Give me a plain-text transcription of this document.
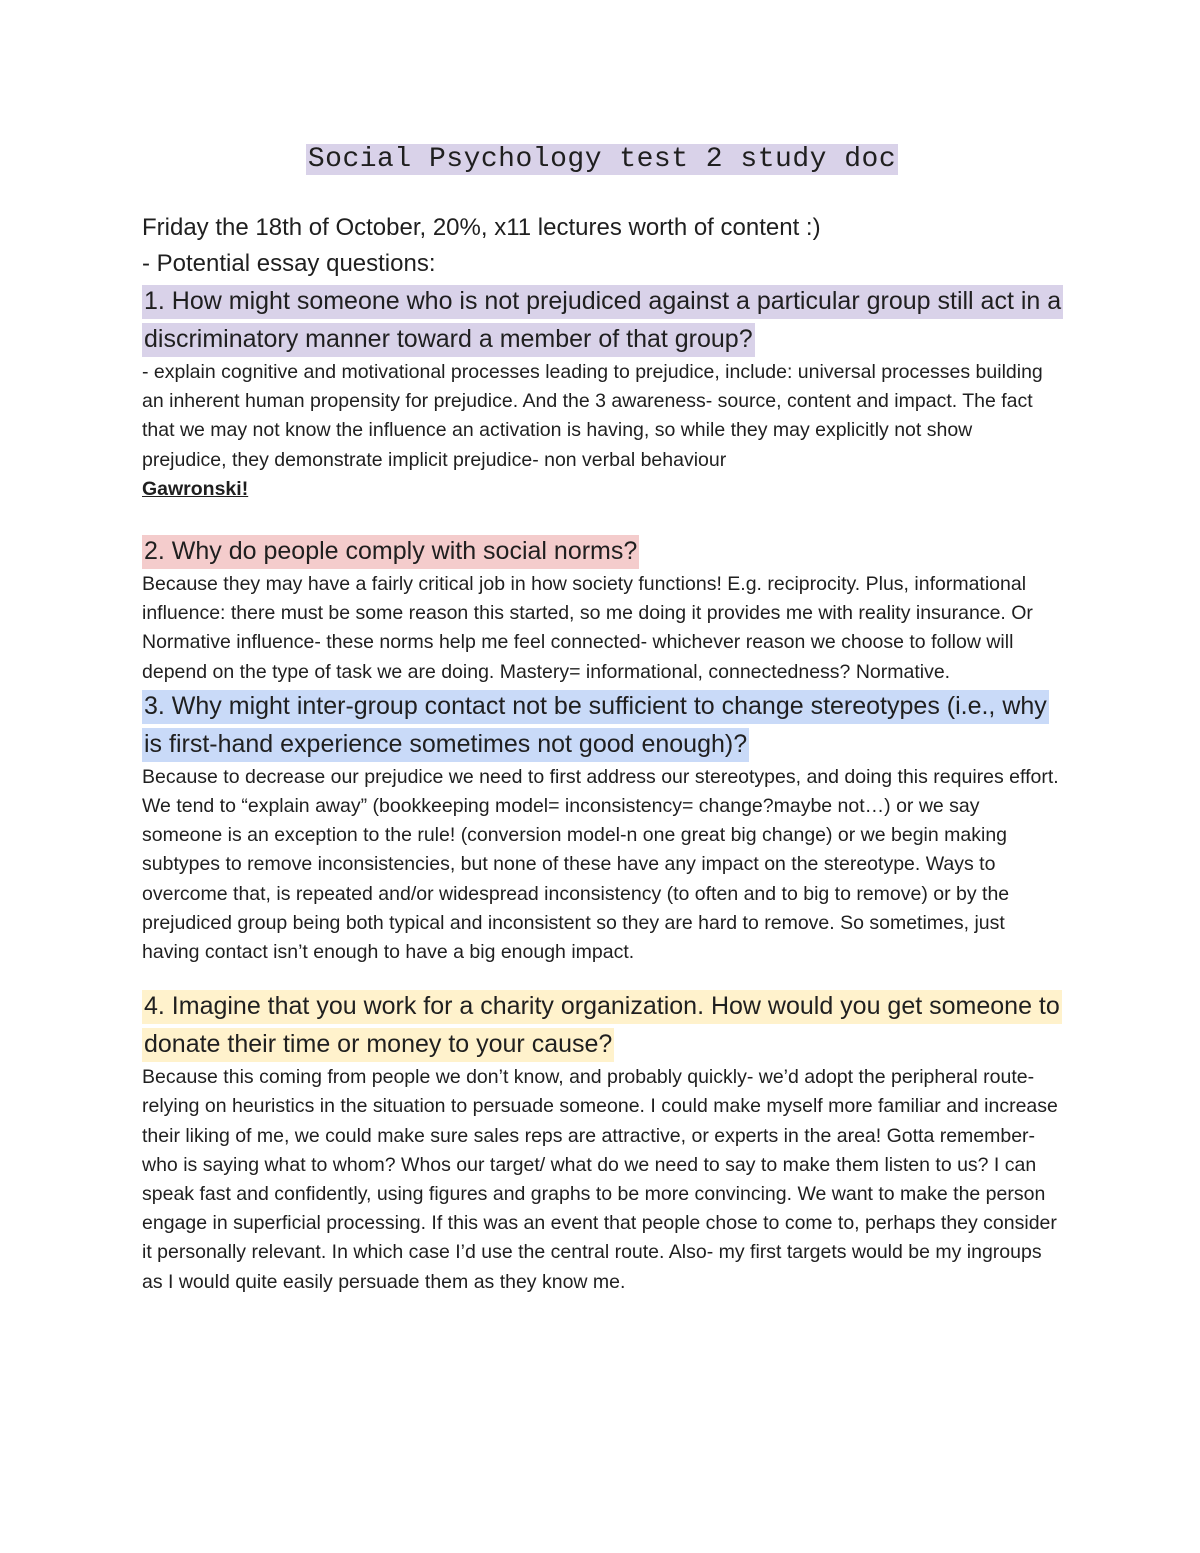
Social Psychology test 2 study doc

Friday the 18th of October, 20%, x11 lectures worth of content :)

- Potential essay questions:

1. How might someone who is not prejudiced against a particular group still act in a discriminatory manner toward a member of that group?

- explain cognitive and motivational processes leading to prejudice, include: universal processes building an inherent human propensity for prejudice. And the 3 awareness- source, content and impact. The fact that we may not know the influence an activation is having, so while they may explicitly not show prejudice, they demonstrate implicit prejudice- non verbal behaviour

Gawronski!

2. Why do people comply with social norms?

Because they may have a fairly critical job in how society functions! E.g. reciprocity. Plus, informational influence: there must be some reason this started, so me doing it provides me with reality insurance. Or Normative influence- these norms help me feel connected- whichever reason we choose to follow will depend on the type of task we are doing. Mastery= informational, connectedness? Normative.

3. Why might inter-group contact not be sufficient to change stereotypes (i.e., why is first-hand experience sometimes not good enough)?

Because to decrease our prejudice we need to first address our stereotypes, and doing this requires effort. We tend to “explain away” (bookkeeping model= inconsistency= change?maybe not…) or we say someone is an exception to the rule! (conversion model-n one great big change) or we begin making subtypes to remove inconsistencies, but none of these have any impact on the stereotype. Ways to overcome that, is repeated and/or widespread inconsistency (to often and to big to remove) or by the prejudiced group being both typical and inconsistent so they are hard to remove. So sometimes, just having contact isn’t enough to have a big enough impact.

4. Imagine that you work for a charity organization. How would you get someone to donate their time or money to your cause?

Because this coming from people we don’t know, and probably quickly- we’d adopt the peripheral route- relying on heuristics in the situation to persuade someone. I could make myself more familiar and increase their liking of me, we could make sure sales reps are attractive, or experts in the area! Gotta remember- who is saying what to whom? Whos our target/ what do we need to say to make them listen to us? I can speak fast and confidently, using figures and graphs to be more convincing. We want to make the person engage in superficial processing. If this was an event that people chose to come to, perhaps they consider it personally relevant. In which case I’d use the central route. Also- my first targets would be my ingroups as I would quite easily persuade them as they know me.
